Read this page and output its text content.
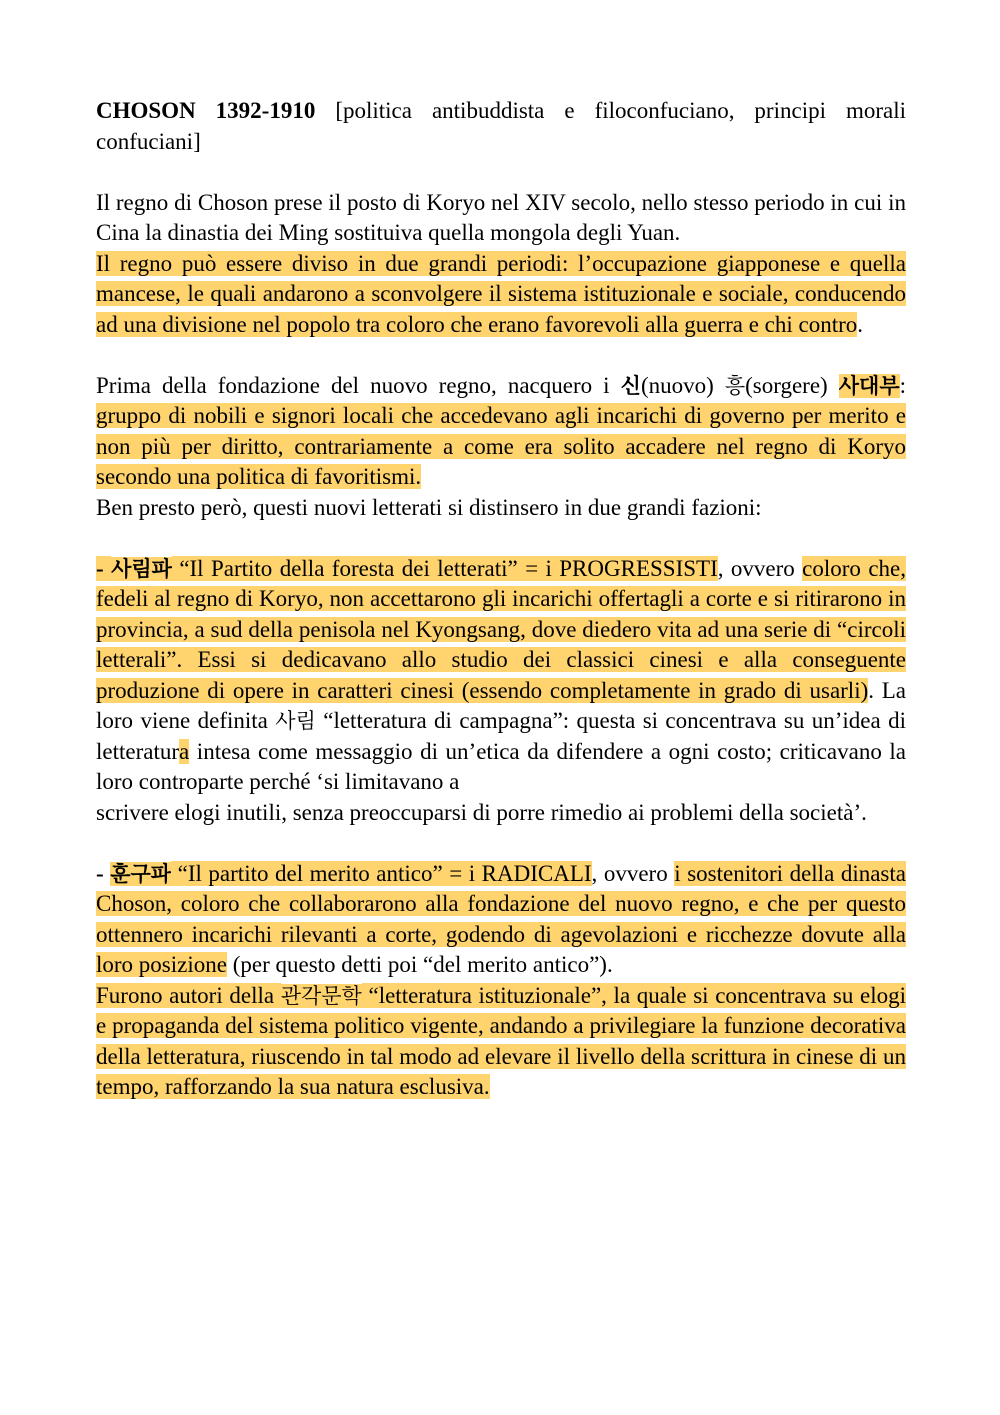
CHOSON 1392-1910 [politica antibuddista e filoconfuciano, principi morali confuciani]

Il regno di Choson prese il posto di Koryo nel XIV secolo, nello stesso periodo in cui in Cina la dinastia dei Ming sostituiva quella mongola degli Yuan.

Il regno può essere diviso in due grandi periodi: l’occupazione giapponese e quella mancese, le quali andarono a sconvolgere il sistema istituzionale e sociale, conducendo ad una divisione nel popolo tra coloro che erano favorevoli alla guerra e chi contro.

Prima della fondazione del nuovo regno, nacquero i 신(nuovo) 흥(sorgere) 사대부: gruppo di nobili e signori locali che accedevano agli incarichi di governo per merito e non più per diritto, contrariamente a come era solito accadere nel regno di Koryo secondo una politica di favoritismi.

Ben presto però, questi nuovi letterati si distinsero in due grandi fazioni:

- 사림파 “Il Partito della foresta dei letterati” = i PROGRESSISTI, ovvero coloro che, fedeli al regno di Koryo, non accettarono gli incarichi offertagli a corte e si ritirarono in provincia, a sud della penisola nel Kyongsang, dove diedero vita ad una serie di “circoli letterali”. Essi si dedicavano allo studio dei classici cinesi e alla conseguente produzione di opere in caratteri cinesi (essendo completamente in grado di usarli). La loro viene definita 사림 “letteratura di campagna”: questa si concentrava su un’idea di letteratura intesa come messaggio di un’etica da difendere a ogni costo; criticavano la loro controparte perché ‘si limitavano a

scrivere elogi inutili, senza preoccuparsi di porre rimedio ai problemi della società’.

- 훈구파 “Il partito del merito antico” = i RADICALI, ovvero i sostenitori della dinasta Choson, coloro che collaborarono alla fondazione del nuovo regno, e che per questo ottennero incarichi rilevanti a corte, godendo di agevolazioni e ricchezze dovute alla loro posizione (per questo detti poi “del merito antico”).

Furono autori della 관각문학 “letteratura istituzionale”, la quale si concentrava su elogi e propaganda del sistema politico vigente, andando a privilegiare la funzione decorativa della letteratura, riuscendo in tal modo ad elevare il livello della scrittura in cinese di un tempo, rafforzando la sua natura esclusiva.
